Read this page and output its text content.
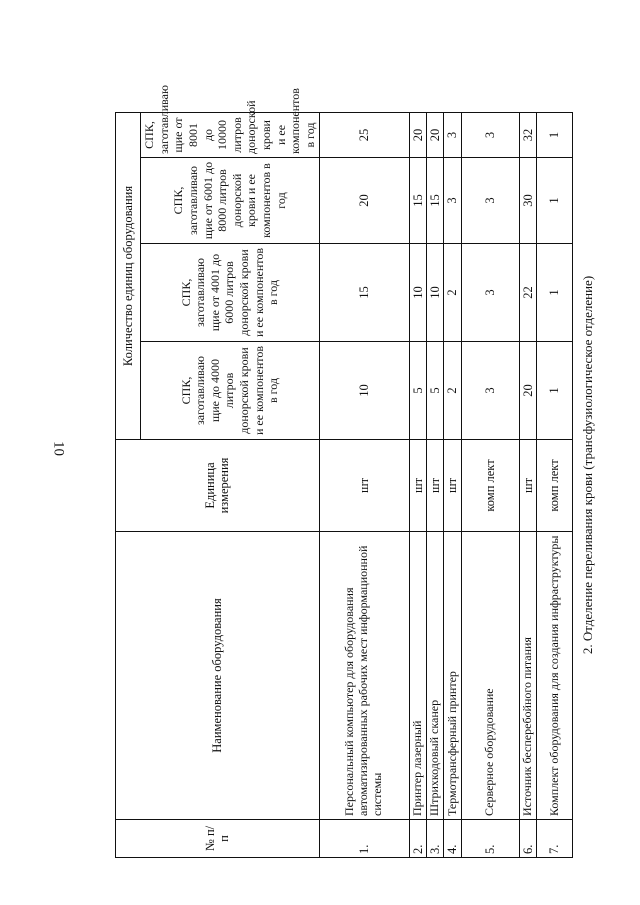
10	2. Отделение переливания крови (трансфузиологическое отделение)
№ п/п	Наименование оборудования	Единица измерения	Количество единиц оборудования			
			СПК, заготавливаю щие до 4000 литров донорской крови и ее компонентов в год	СПК, заготавливаю щие от 4001 до 6000 литров донорской крови и ее компонентов в год	СПК, заготавливаю щие от 6001 до 8000 литров донорской крови и ее компонентов в год	СПК, заготавливаю щие от 8001 до 10000 литров донорской крови и ее компонентов в год
1.	Персональный компьютер для оборудования автоматизированных рабочих мест информационной системы	шт	10	15	20	25
2.	Принтер лазерный	шт	5	10	15	20
3.	Штрихкодовый сканер	шт	5	10	15	20
4.	Термотрансферный принтер	шт	2	2	3	3
5.	Серверное оборудование	комп лект	3	3	3	3
6.	Источник бесперебойного питания	шт	20	22	30	32
7.	Комплект оборудования для создания инфраструктуры	комп лект	1	1	1	1
